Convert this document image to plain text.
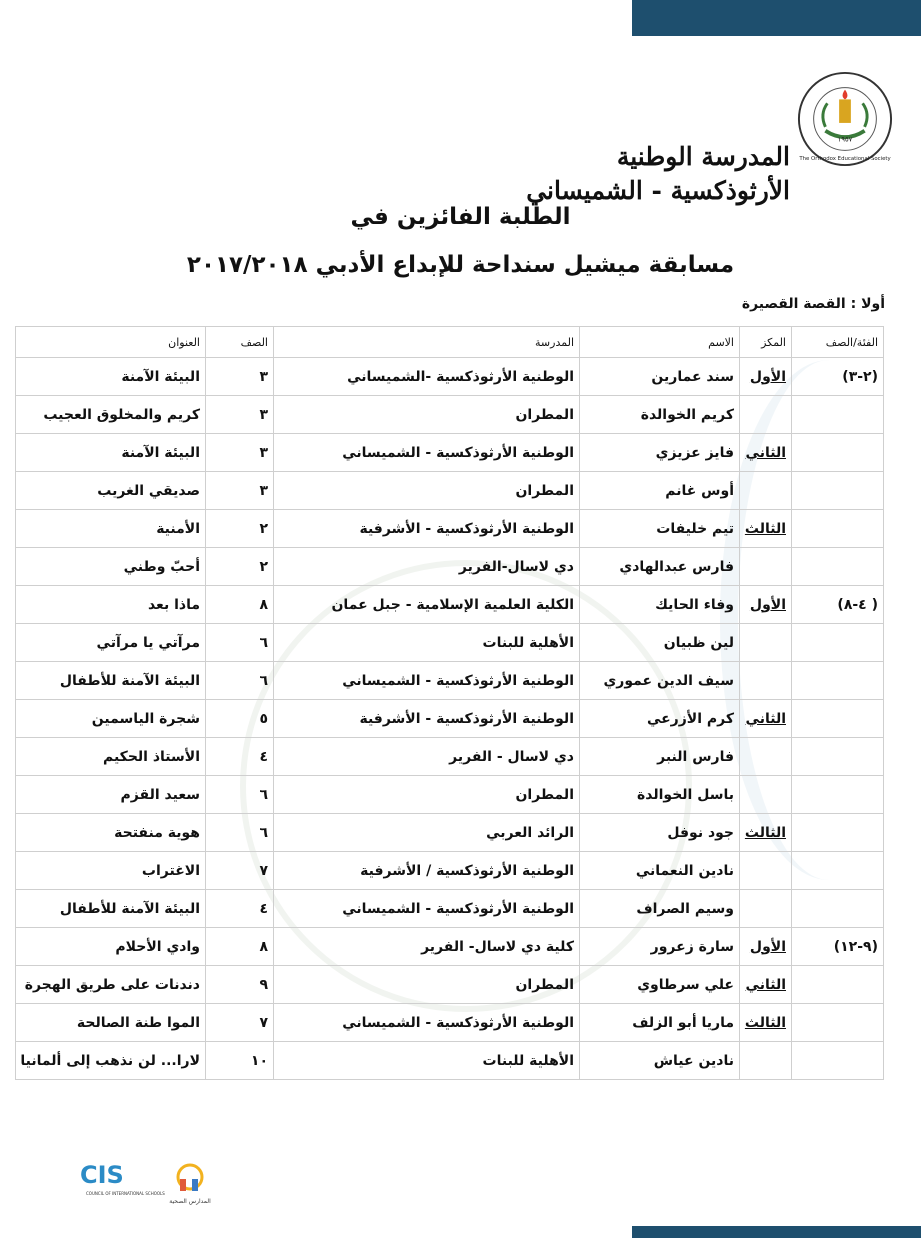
١٩٥٧
The Orthodox Educational Society
المدرسة الوطنية
الأرثوذكسية - الشميساني
الطلبة الفائزين في
مسابقة ميشيل سنداحة للإبداع الأدبي ٢٠١٧/٢٠١٨
أولا : القصة القصيرة
الفئة/الصف	المكز	الاسم	المدرسة	الصف	العنوان
(٢-٣)	الأول	سند عمارين	الوطنية الأرثوذكسية -الشميساني	٣	البيئة الآمنة
		كريم الخوالدة	المطران	٣	كريم والمخلوق العجيب
	الثاني	فايز عزيزي	الوطنية الأرثوذكسية - الشميساني	٣	البيئة الآمنة
		أوس غانم	المطران	٣	صديقي الغريب
	الثالث	تيم خليفات	الوطنية الأرثوذكسية - الأشرفية	٢	الأمنية
		فارس عبدالهادي	دي لاسال-الفرير	٢	أحبّ وطني
( ٤-٨)	الأول	وفاء الحايك	الكلية العلمية الإسلامية - جبل عمان	٨	ماذا بعد
		لين ظبيان	الأهلية للبنات	٦	مرآتي يا مرآتي
		سيف الدين عموري	الوطنية الأرثوذكسية - الشميساني	٦	البيئة الآمنة للأطفال
	الثاني	كرم الأزرعي	الوطنية الأرثوذكسية - الأشرفية	٥	شجرة الياسمين
		فارس النبر	دي لاسال - الفرير	٤	الأستاذ الحكيم
		باسل الخوالدة	المطران	٦	سعيد القزم
	الثالث	جود نوفل	الرائد العربي	٦	هوية منفتحة
		نادين النعماني	الوطنية الأرثوذكسية / الأشرفية	٧	الاغتراب
		وسيم الصراف	الوطنية الأرثوذكسية - الشميساني	٤	البيئة الآمنة للأطفال
(٩-١٢)	الأول	سارة زعرور	كلية دي لاسال- الفرير	٨	وادي الأحلام
	الثاني	علي سرطاوي	المطران	٩	دندنات على طريق الهجرة
	الثالث	ماريا أبو الزلف	الوطنية الأرثوذكسية - الشميساني	٧	الموا طنة الصالحة
		نادين عياش	الأهلية للبنات	١٠	لارا... لن نذهب إلى ألمانيا
CIS
COUNCIL OF INTERNATIONAL SCHOOLS
المدارس الصحية
